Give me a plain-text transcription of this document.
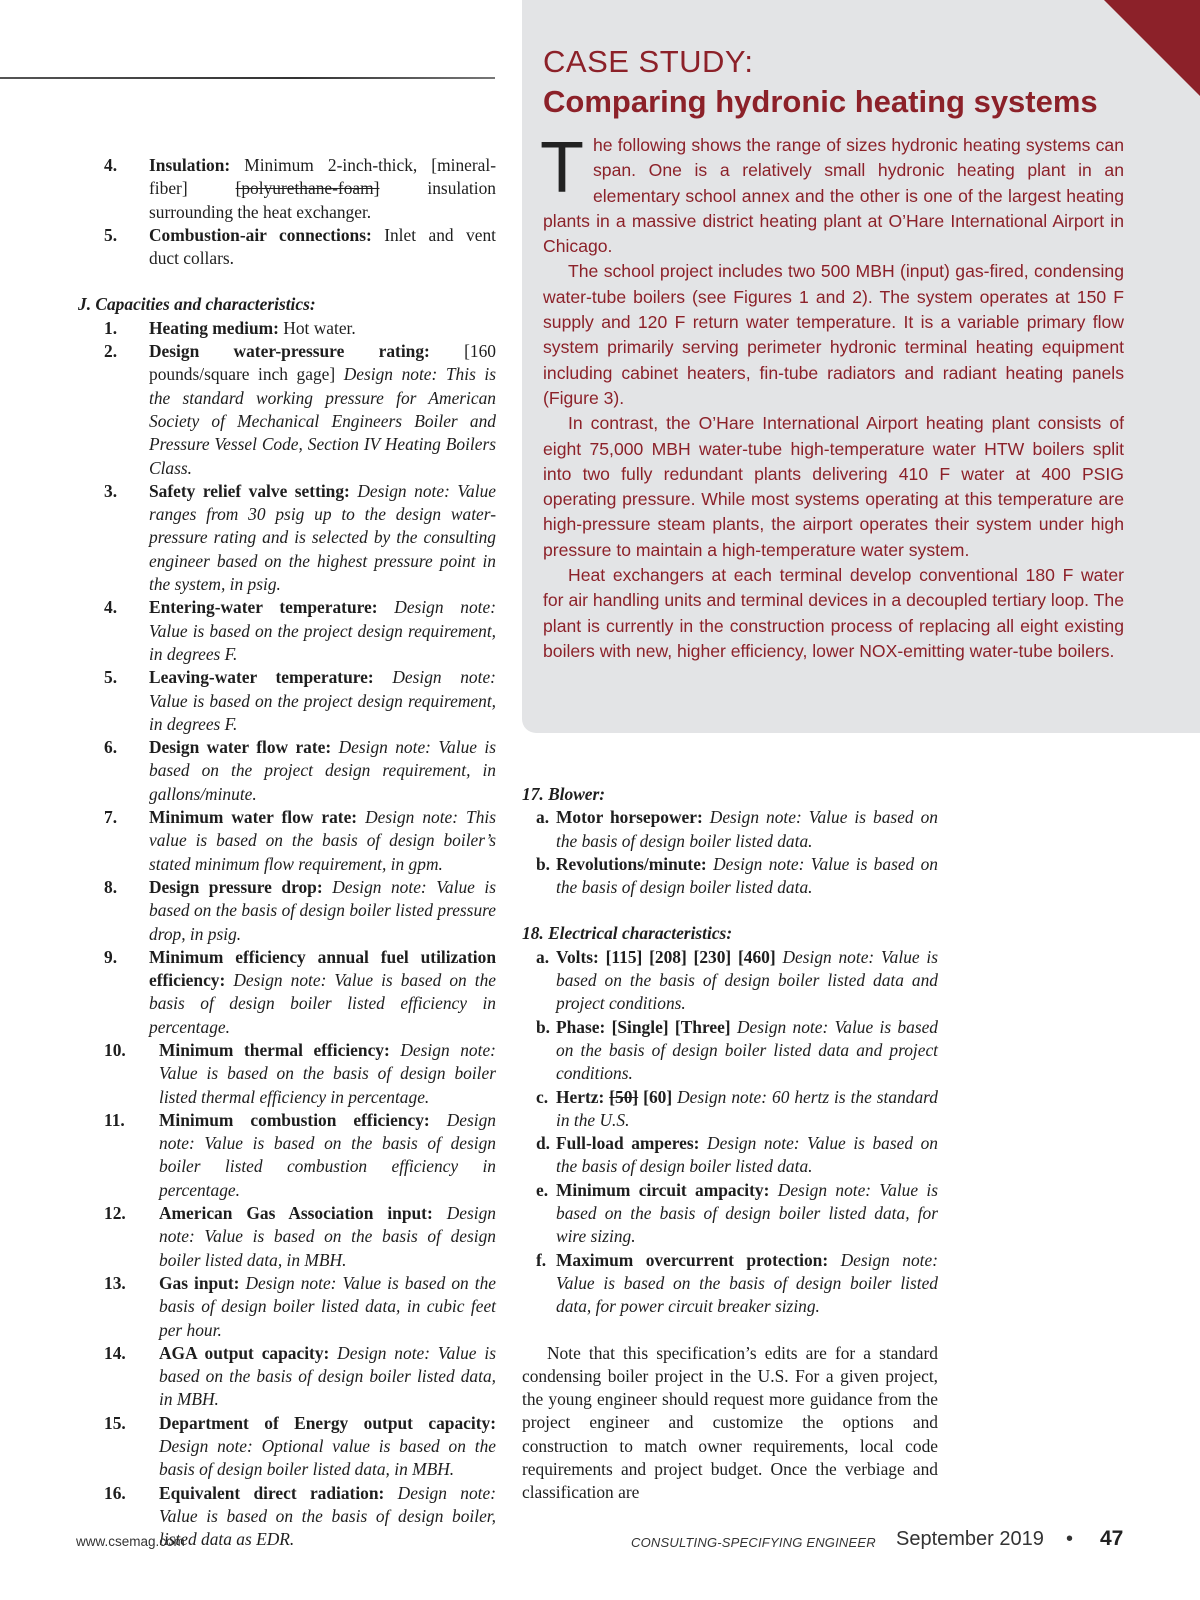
CASE STUDY:
Comparing hydronic heating systems

The following shows the range of sizes hydronic heating systems can span. One is a relatively small hydronic heating plant in an elementary school annex and the other is one of the largest heating plants in a massive district heating plant at O’Hare International Airport in Chicago.

The school project includes two 500 MBH (input) gas-fired, condensing water-tube boilers (see Figures 1 and 2). The system operates at 150 F supply and 120 F return water temperature. It is a variable primary flow system primarily serving perimeter hydronic terminal heating equipment including cabinet heaters, fin-tube radiators and radiant heating panels (Figure 3).

In contrast, the O’Hare International Airport heating plant consists of eight 75,000 MBH water-tube high-temperature water HTW boilers split into two fully redundant plants delivering 410 F water at 400 PSIG operating pressure. While most systems operating at this temperature are high-pressure steam plants, the airport operates their system under high pressure to maintain a high-temperature water system.

Heat exchangers at each terminal develop conventional 180 F water for air handling units and terminal devices in a decoupled tertiary loop. The plant is currently in the construction process of replacing all eight existing boilers with new, higher efficiency, lower NOX-emitting water-tube boilers.

4. Insulation: Minimum 2-inch-thick, [mineral-fiber] [polyurethane-foam] insulation surrounding the heat exchanger.
5. Combustion-air connections: Inlet and vent duct collars.
J. Capacities and characteristics:
1. Heating medium: Hot water.
2. Design water-pressure rating: [160 pounds/square inch gage] Design note: This is the standard working pressure for American Society of Mechanical Engineers Boiler and Pressure Vessel Code, Section IV Heating Boilers Class.
3. Safety relief valve setting: Design note: Value ranges from 30 psig up to the design water-pressure rating and is selected by the consulting engineer based on the highest pressure point in the system, in psig.
4. Entering-water temperature: Design note: Value is based on the project design requirement, in degrees F.
5. Leaving-water temperature: Design note: Value is based on the project design requirement, in degrees F.
6. Design water flow rate: Design note: Value is based on the project design requirement, in gallons/minute.
7. Minimum water flow rate: Design note: This value is based on the basis of design boiler’s stated minimum flow requirement, in gpm.
8. Design pressure drop: Design note: Value is based on the basis of design boiler listed pressure drop, in psig.
9. Minimum efficiency annual fuel utilization efficiency: Design note: Value is based on the basis of design boiler listed efficiency in percentage.
10. Minimum thermal efficiency: Design note: Value is based on the basis of design boiler listed thermal efficiency in percentage.
11. Minimum combustion efficiency: Design note: Value is based on the basis of design boiler listed combustion efficiency in percentage.
12. American Gas Association input: Design note: Value is based on the basis of design boiler listed data, in MBH.
13. Gas input: Design note: Value is based on the basis of design boiler listed data, in cubic feet per hour.
14. AGA output capacity: Design note: Value is based on the basis of design boiler listed data, in MBH.
15. Department of Energy output capacity: Design note: Optional value is based on the basis of design boiler listed data, in MBH.
16. Equivalent direct radiation: Design note: Value is based on the basis of design boiler, listed data as EDR.
17. Blower:
a. Motor horsepower: Design note: Value is based on the basis of design boiler listed data.
b. Revolutions/minute: Design note: Value is based on the basis of design boiler listed data.
18. Electrical characteristics:
a. Volts: [115] [208] [230] [460] Design note: Value is based on the basis of design boiler listed data and project conditions.
b. Phase: [Single] [Three] Design note: Value is based on the basis of design boiler listed data and project conditions.
c. Hertz: [50] [60] Design note: 60 hertz is the standard in the U.S.
d. Full-load amperes: Design note: Value is based on the basis of design boiler listed data.
e. Minimum circuit ampacity: Design note: Value is based on the basis of design boiler listed data, for wire sizing.
f. Maximum overcurrent protection: Design note: Value is based on the basis of design boiler listed data, for power circuit breaker sizing.

Note that this specification’s edits are for a standard condensing boiler project in the U.S. For a given project, the young engineer should request more guidance from the project engineer and customize the options and construction to match owner requirements, local code requirements and project budget. Once the verbiage and classification are

www.csemag.com	CONSULTING-SPECIFYING ENGINEER September 2019 • 47
